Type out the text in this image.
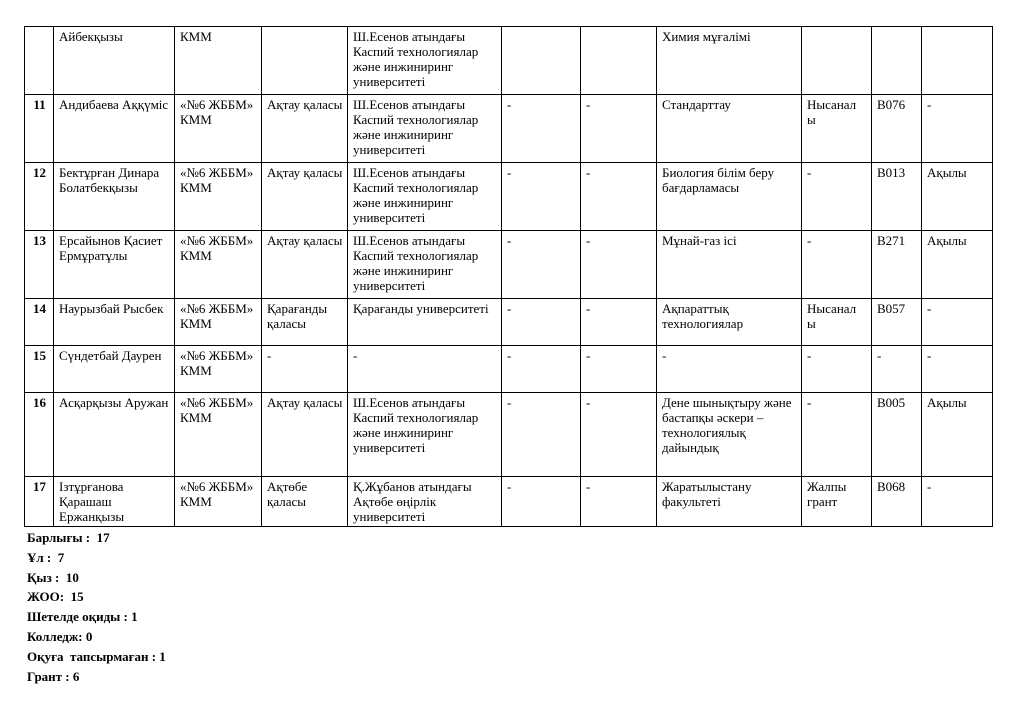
	Айбекқызы	КММ		Ш.Есенов атындағы Каспий технологиялар және инжиниринг университеті			Химия мұғалімі			
11	Андибаева Аққүміс	«№6 ЖББМ» КММ	Ақтау қаласы	Ш.Есенов атындағы Каспий технологиялар және инжиниринг университеті	-	-	Стандарттау	Нысанал ы	В076	-
12	Бектұрған Динара Болатбекқызы	«№6 ЖББМ» КММ	Ақтау қаласы	Ш.Есенов атындағы Каспий технологиялар және инжиниринг университеті	-	-	Биология білім беру бағдарламасы	-	В013	Ақылы
13	Ерсайынов Қасиет Ермұратұлы	«№6 ЖББМ» КММ	Ақтау қаласы	Ш.Есенов атындағы Каспий технологиялар және инжиниринг университеті	-	-	Мұнай-газ ісі	-	В271	Ақылы
14	Наурызбай Рысбек	«№6 ЖББМ» КММ	Қарағанды қаласы	Қарағанды университеті	-	-	Ақпараттық технологиялар	Нысанал ы	В057	-
15	Сүндетбай Даурен	«№6 ЖББМ» КММ	-	-	-	-	-	-	-	-
16	Асқарқызы Аружан	«№6 ЖББМ» КММ	Ақтау қаласы	Ш.Есенов атындағы Каспий технологиялар және инжиниринг университеті	-	-	Дене шынықтыру және бастапқы әскери – технологиялық дайындық	-	В005	Ақылы
17	Ізтұрғанова Қарашаш Ержанқызы	«№6 ЖББМ» КММ	Ақтөбе қаласы	Қ.Жұбанов атындағы Ақтөбе өңірлік университеті	-	-	Жаратылыстану факультеті	Жалпы грант	В068	-
Барлығы :  17
Ұл :  7
Қыз :  10
ЖОО:  15
Шетелде оқиды : 1
Колледж: 0
Оқуға  тапсырмаған : 1
Грант : 6
